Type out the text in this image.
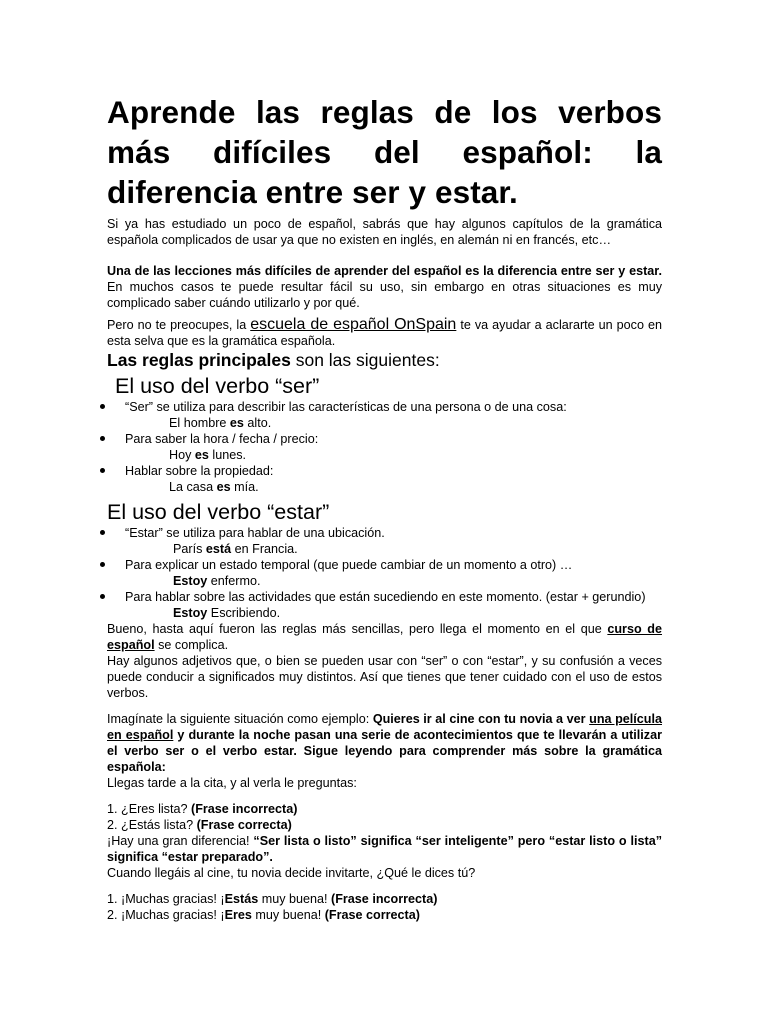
Aprende las reglas de los verbos más difíciles del español: la diferencia entre ser y estar.

Si ya has estudiado un poco de español, sabrás que hay algunos capítulos de la gramática española complicados de usar ya que no existen en inglés, en alemán ni en francés, etc…

Una de las lecciones más difíciles de aprender del español es la diferencia entre ser y estar. En muchos casos te puede resultar fácil su uso, sin embargo en otras situaciones es muy complicado saber cuándo utilizarlo y por qué.

Pero no te preocupes, la escuela de español OnSpain te va ayudar a aclararte un poco en esta selva que es la gramática española.

Las reglas principales son las siguientes:

El uso del verbo “ser”
“Ser” se utiliza para describir las características de una persona o de una cosa:
El hombre es alto.
Para saber la hora / fecha / precio:
Hoy es lunes.
Hablar sobre la propiedad:
La casa es mía.
El uso del verbo “estar”
“Estar” se utiliza para hablar de una ubicación.
París está en Francia.
Para explicar un estado temporal (que puede cambiar de un momento a otro) …
Estoy enfermo.
Para hablar sobre las actividades que están sucediendo en este momento. (estar + gerundio)
Estoy Escribiendo.

Bueno, hasta aquí fueron las reglas más sencillas, pero llega el momento en el que curso de español se complica.

Hay algunos adjetivos que, o bien se pueden usar con “ser” o con “estar”, y su confusión a veces puede conducir a significados muy distintos. Así que tienes que tener cuidado con el uso de estos verbos.

Imagínate la siguiente situación como ejemplo: Quieres ir al cine con tu novia a ver una película en español y durante la noche pasan una serie de acontecimientos que te llevarán a utilizar el verbo ser o el verbo estar. Sigue leyendo para comprender más sobre la gramática española:

Llegas tarde a la cita, y al verla le preguntas:

1. ¿Eres lista? (Frase incorrecta)

2. ¿Estás lista? (Frase correcta)

¡Hay una gran diferencia! “Ser lista o listo” significa “ser inteligente” pero “estar listo o lista” significa “estar preparado”.

Cuando llegáis al cine, tu novia decide invitarte, ¿Qué le dices tú?

1. ¡Muchas gracias! ¡Estás muy buena! (Frase incorrecta)

2. ¡Muchas gracias! ¡Eres muy buena! (Frase correcta)
